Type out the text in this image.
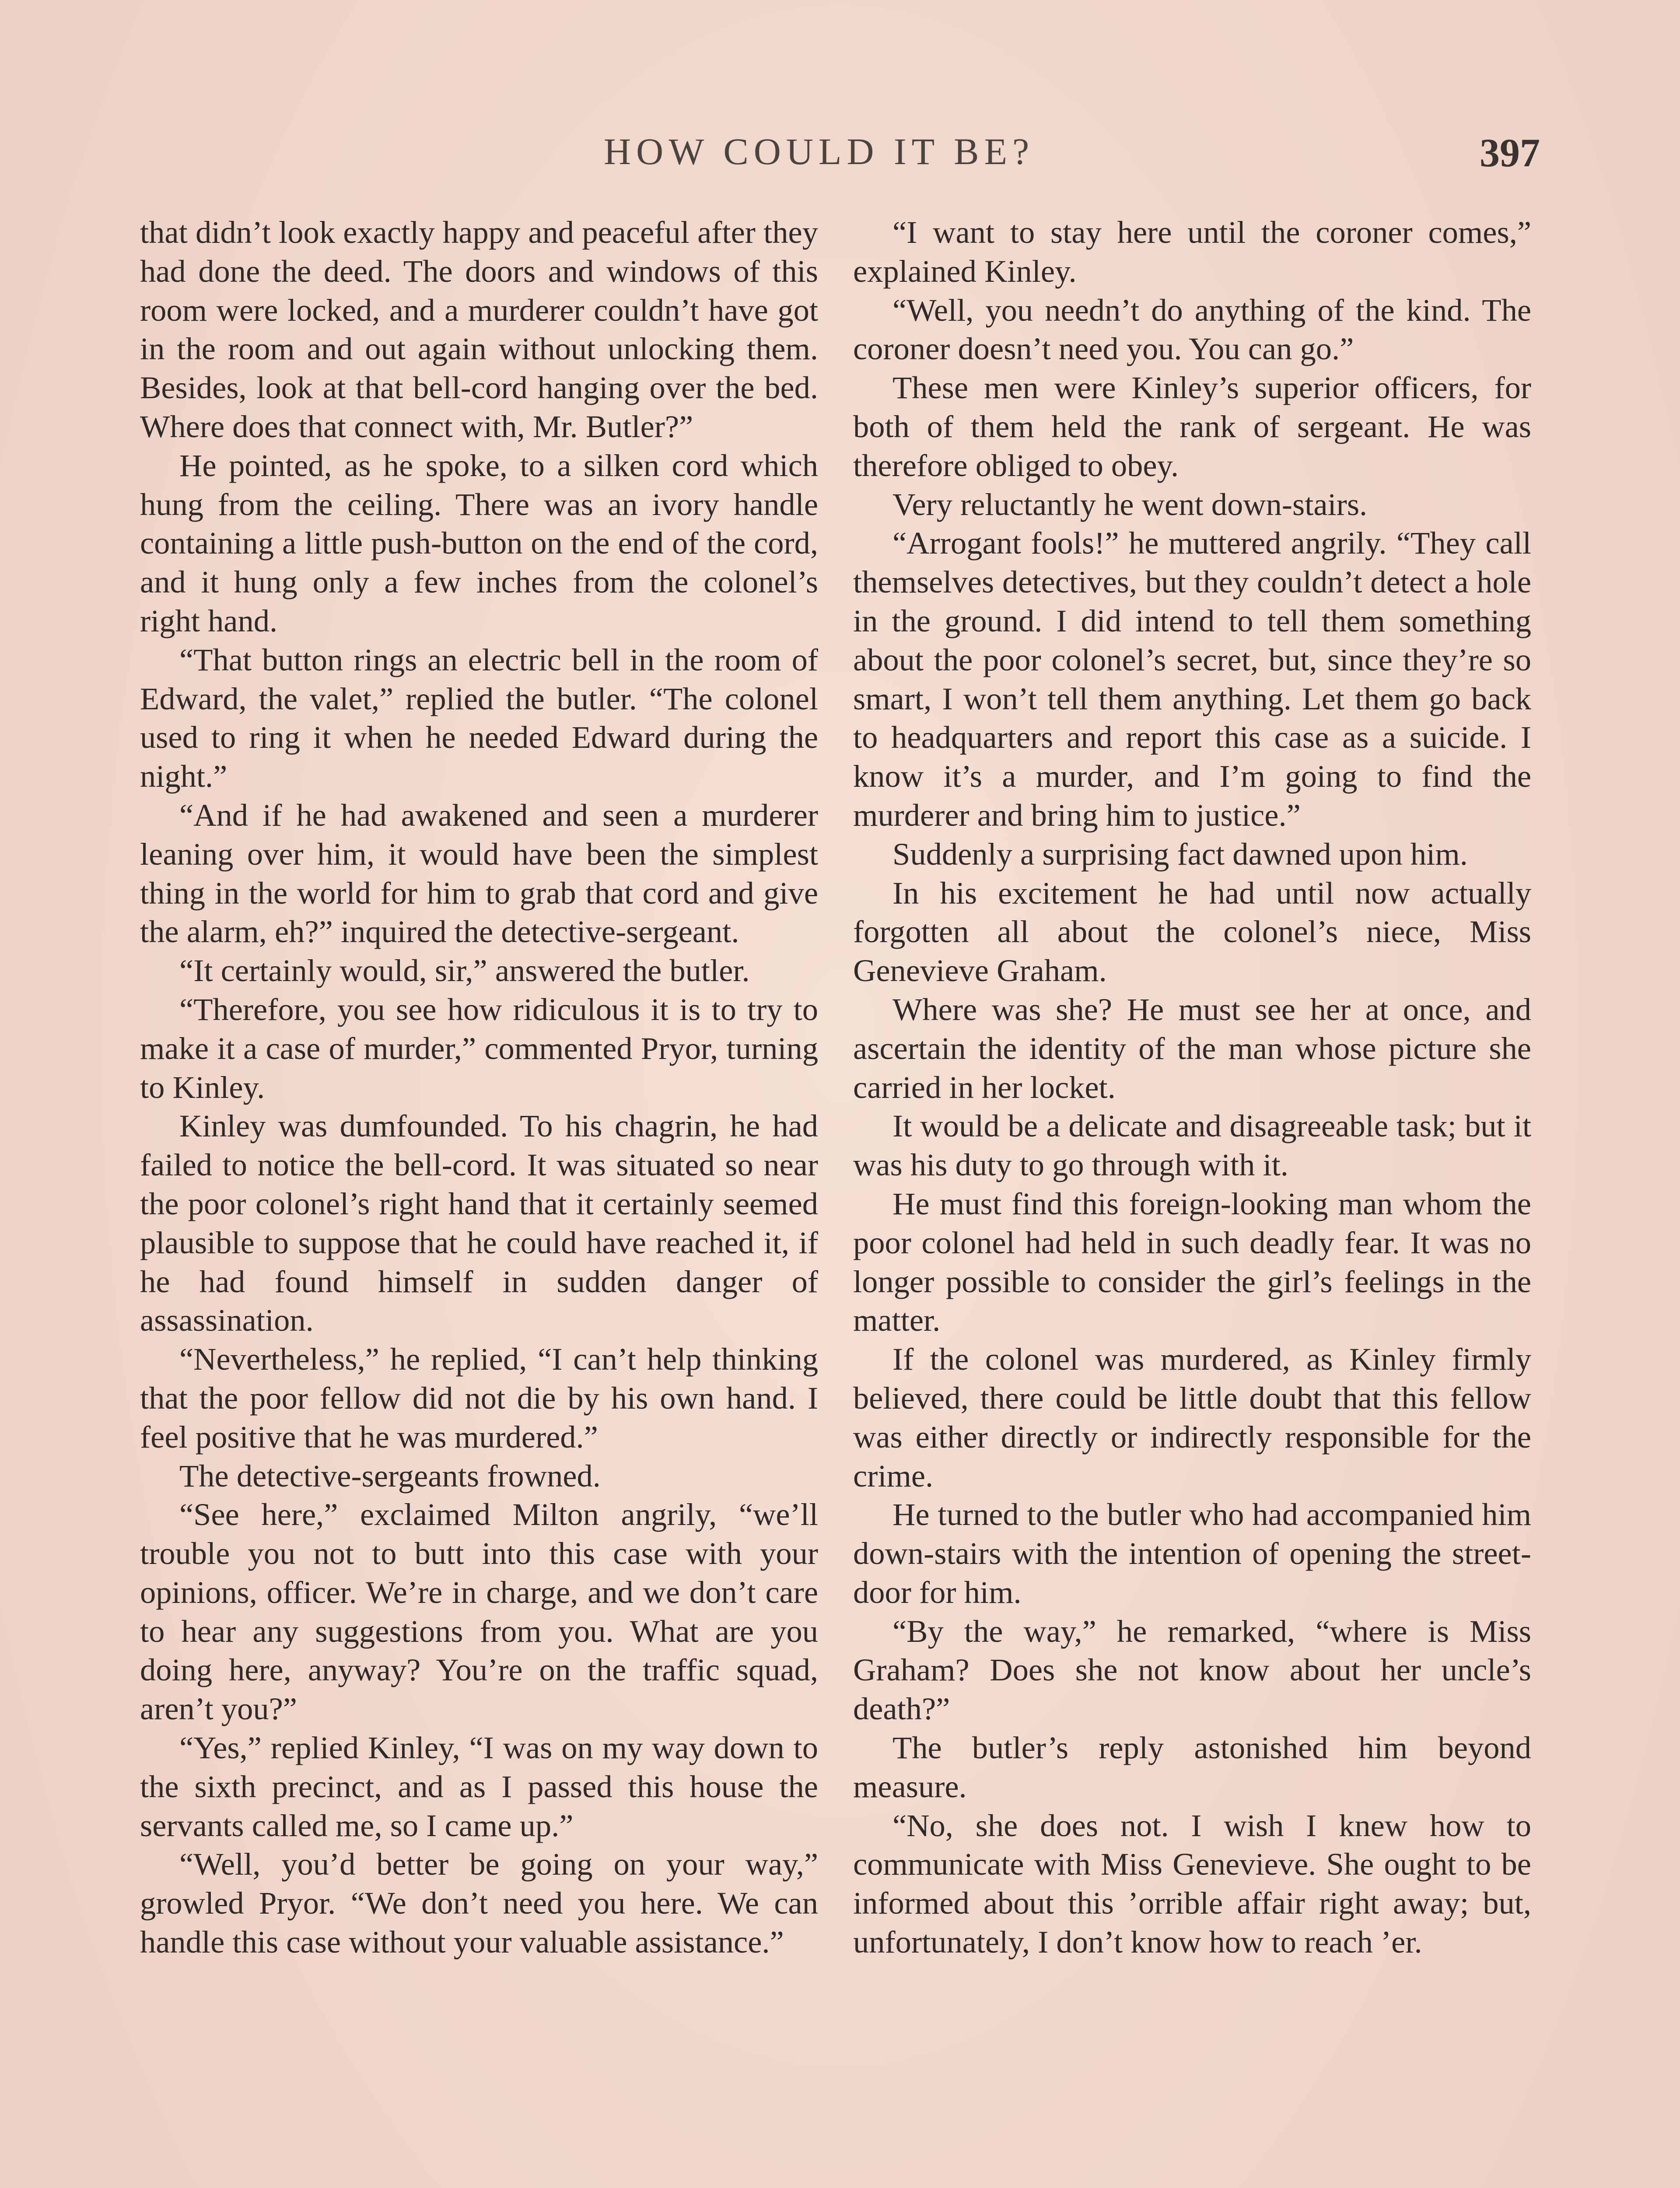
HOW COULD IT BE?	397

that didn’t look exactly happy and peaceful after they had done the deed. The doors and windows of this room were locked, and a murderer couldn’t have got in the room and out again without unlocking them. Besides, look at that bell-cord hanging over the bed. Where does that connect with, Mr. Butler?”

He pointed, as he spoke, to a silken cord which hung from the ceiling. There was an ivory handle containing a little push-button on the end of the cord, and it hung only a few inches from the colonel’s right hand.

“That button rings an electric bell in the room of Edward, the valet,” replied the butler. “The colonel used to ring it when he needed Edward during the night.”

“And if he had awakened and seen a murderer leaning over him, it would have been the simplest thing in the world for him to grab that cord and give the alarm, eh?” inquired the detective-sergeant.

“It certainly would, sir,” answered the butler.

“Therefore, you see how ridiculous it is to try to make it a case of murder,” commented Pryor, turning to Kinley.

Kinley was dumfounded. To his chagrin, he had failed to notice the bell-cord. It was situated so near the poor colonel’s right hand that it certainly seemed plausible to suppose that he could have reached it, if he had found himself in sudden danger of assassination.

“Nevertheless,” he replied, “I can’t help thinking that the poor fellow did not die by his own hand. I feel positive that he was murdered.”

The detective-sergeants frowned.

“See here,” exclaimed Milton angrily, “we’ll trouble you not to butt into this case with your opinions, officer. We’re in charge, and we don’t care to hear any suggestions from you. What are you doing here, anyway? You’re on the traffic squad, aren’t you?”

“Yes,” replied Kinley, “I was on my way down to the sixth precinct, and as I passed this house the servants called me, so I came up.”

“Well, you’d better be going on your way,” growled Pryor. “We don’t need you here. We can handle this case without your valuable assistance.”

“I want to stay here until the coroner comes,” explained Kinley.

“Well, you needn’t do anything of the kind. The coroner doesn’t need you. You can go.”

These men were Kinley’s superior officers, for both of them held the rank of sergeant. He was therefore obliged to obey.

Very reluctantly he went down-stairs.

“Arrogant fools!” he muttered angrily. “They call themselves detectives, but they couldn’t detect a hole in the ground. I did intend to tell them something about the poor colonel’s secret, but, since they’re so smart, I won’t tell them anything. Let them go back to headquarters and report this case as a suicide. I know it’s a murder, and I’m going to find the murderer and bring him to justice.”

Suddenly a surprising fact dawned upon him.

In his excitement he had until now actually forgotten all about the colonel’s niece, Miss Genevieve Graham.

Where was she? He must see her at once, and ascertain the identity of the man whose picture she carried in her locket.

It would be a delicate and disagreeable task; but it was his duty to go through with it.

He must find this foreign-looking man whom the poor colonel had held in such deadly fear. It was no longer possible to consider the girl’s feelings in the matter.

If the colonel was murdered, as Kinley firmly believed, there could be little doubt that this fellow was either directly or indirectly responsible for the crime.

He turned to the butler who had accompanied him down-stairs with the intention of opening the street-door for him.

“By the way,” he remarked, “where is Miss Graham? Does she not know about her uncle’s death?”

The butler’s reply astonished him beyond measure.

“No, she does not. I wish I knew how to communicate with Miss Genevieve. She ought to be informed about this ’orrible affair right away; but, unfortunately, I don’t know how to reach ’er.
